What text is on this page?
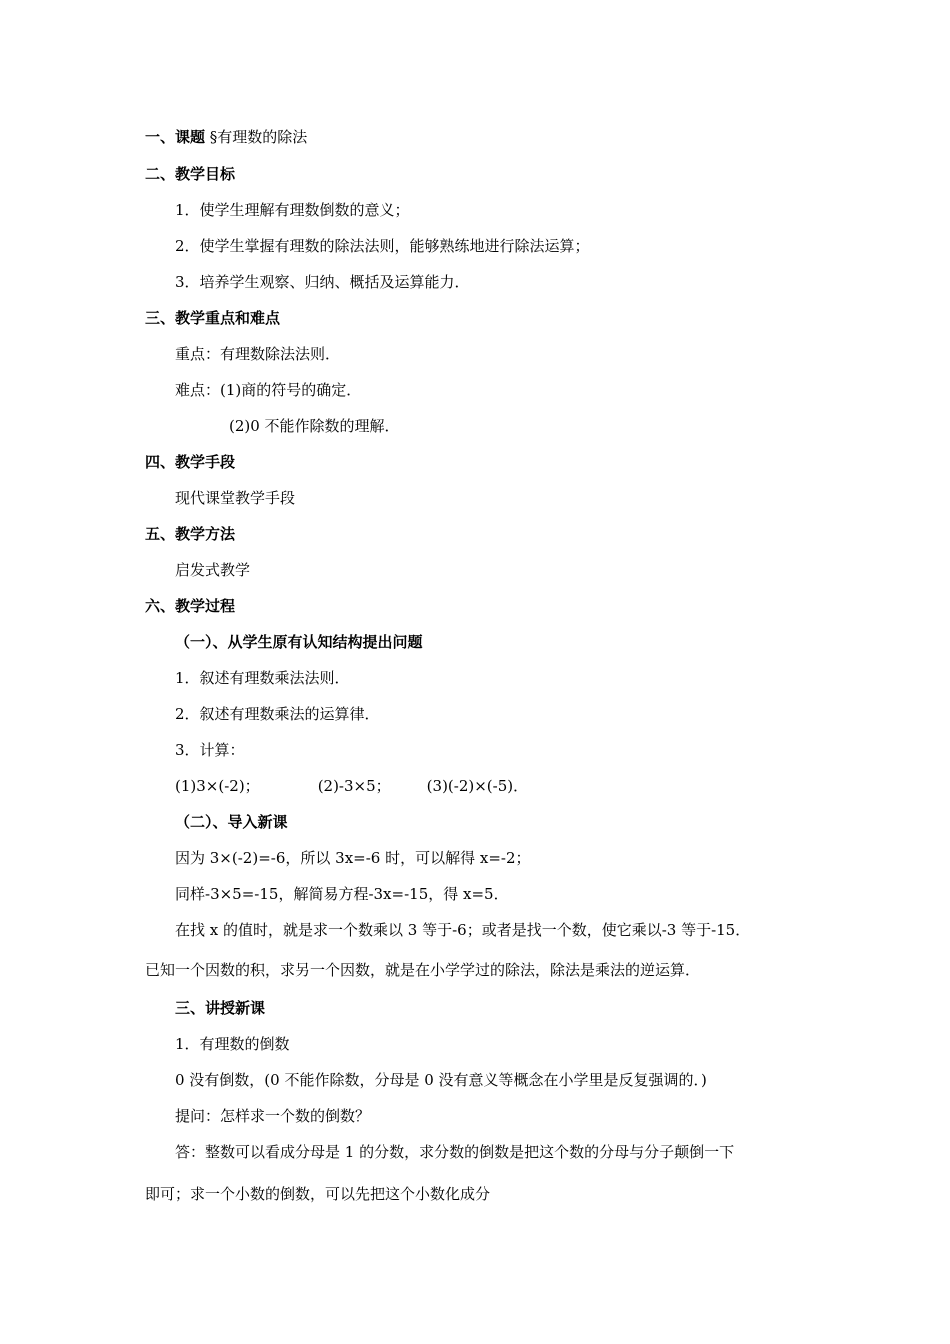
一、课题 §有理数的除法
二、教学目标
1．使学生理解有理数倒数的意义；
2．使学生掌握有理数的除法法则，能够熟练地进行除法运算；
3．培养学生观察、归纳、概括及运算能力．
三、教学重点和难点
重点：有理数除法法则．
难点：(1)商的符号的确定．
(2)0 不能作除数的理解．
四、教学手段
现代课堂教学手段
五、教学方法
启发式教学
六、教学过程
（一）、从学生原有认知结构提出问题
1．叙述有理数乘法法则．
2．叙述有理数乘法的运算律．
3．计算：
(1)3×(-2)；	(2)-3×5； (3)(-2)×(-5)．
（二）、导入新课
因为 3×(-2)=-6，所以 3x=-6 时，可以解得 x=-2；
同样-3×5=-15，解简易方程-3x=-15，得 x=5．
在找 x 的值时，就是求一个数乘以 3 等于-6；或者是找一个数，使它乘以-3 等于-15．
已知一个因数的积，求另一个因数，就是在小学学过的除法，除法是乘法的逆运算．
三、讲授新课
1．有理数的倒数
0 没有倒数，(0 不能作除数，分母是 0 没有意义等概念在小学里是反复强调的．)
提问：怎样求一个数的倒数？
答：整数可以看成分母是 1 的分数，求分数的倒数是把这个数的分母与分子颠倒一下
即可；求一个小数的倒数，可以先把这个小数化成分
